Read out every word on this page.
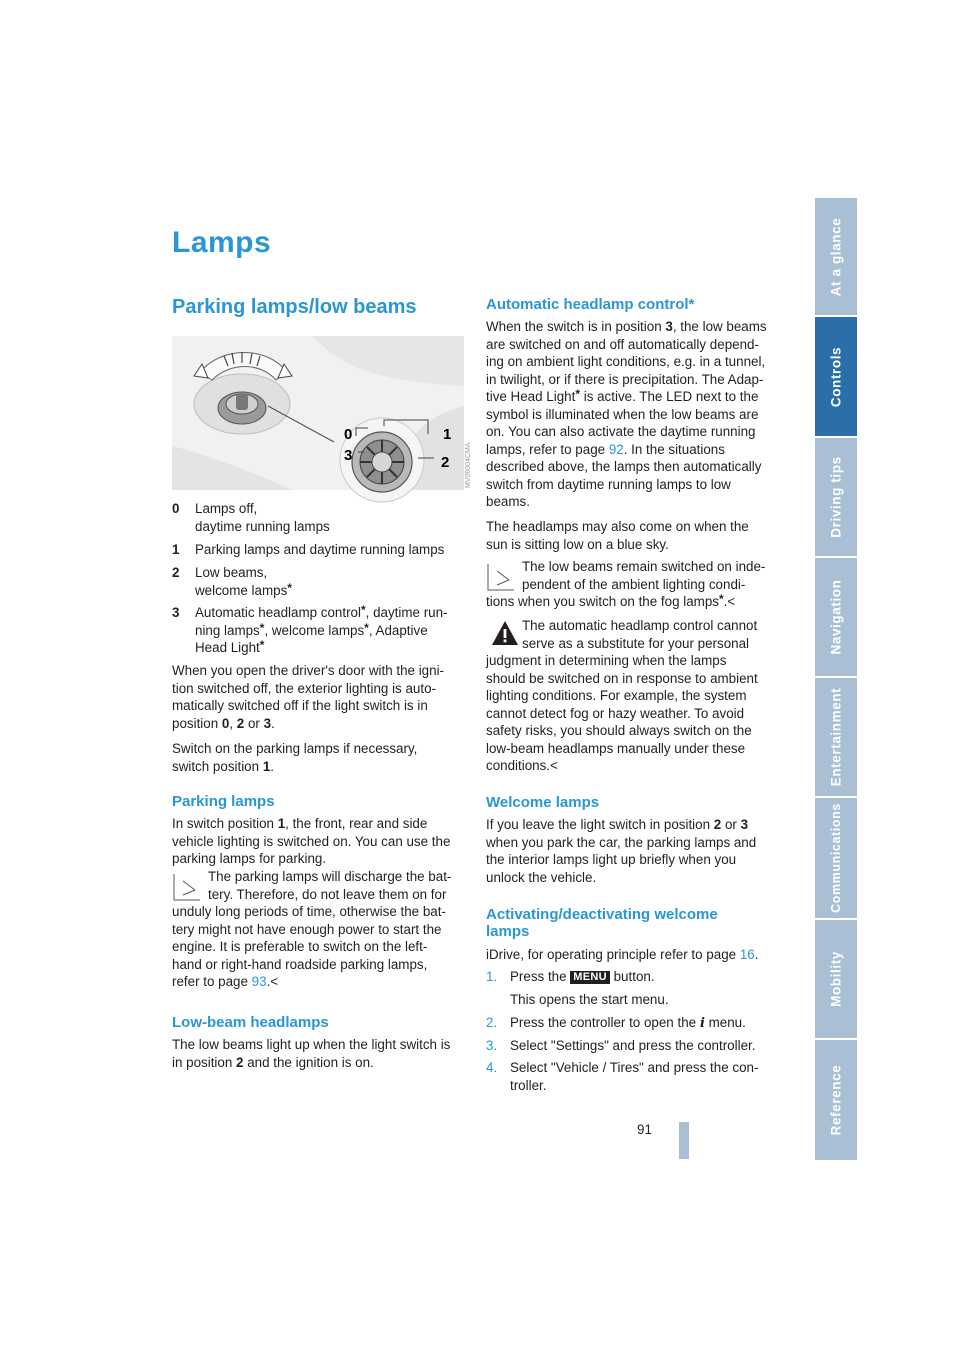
Lamps	At a glance
Controls
Driving tips
Navigation
Entertainment
Communications
Mobility
Reference
Parking lamps/low beams
0	1
3	2 MV06004CMA
0 Lamps off,
daytime running lamps
1 Parking lamps and daytime running lamps
2 Low beams,
welcome lamps*
3 Automatic headlamp control*, daytime run-
ning lamps*, welcome lamps*, Adaptive
Head Light*
When you open the driver's door with the igni-
tion switched off, the exterior lighting is auto-
matically switched off if the light switch is in
position 0, 2 or 3.
Switch on the parking lamps if necessary,
switch position 1.
Parking lamps
In switch position 1, the front, rear and side
vehicle lighting is switched on. You can use the
parking lamps for parking.
The parking lamps will discharge the bat-
tery. Therefore, do not leave them on for
unduly long periods of time, otherwise the bat-
tery might not have enough power to start the
engine. It is preferable to switch on the left-
hand or right-hand roadside parking lamps,
refer to page 93.<
Low-beam headlamps
The low beams light up when the light switch is
in position 2 and the ignition is on.
Automatic headlamp control*
When the switch is in position 3, the low beams
are switched on and off automatically depend-
ing on ambient light conditions, e.g. in a tunnel,
in twilight, or if there is precipitation. The Adap-
tive Head Light* is active. The LED next to the
symbol is illuminated when the low beams are
on. You can also activate the daytime running
lamps, refer to page 92. In the situations
described above, the lamps then automatically
switch from daytime running lamps to low
beams.
The headlamps may also come on when the
sun is sitting low on a blue sky.
The low beams remain switched on inde-
pendent of the ambient lighting condi-
tions when you switch on the fog lamps*.<
The automatic headlamp control cannot
serve as a substitute for your personal
judgment in determining when the lamps
should be switched on in response to ambient
lighting conditions. For example, the system
cannot detect fog or hazy weather. To avoid
safety risks, you should always switch on the
low-beam headlamps manually under these
conditions.<
Welcome lamps
If you leave the light switch in position 2 or 3
when you park the car, the parking lamps and
the interior lamps light up briefly when you
unlock the vehicle.
Activating/deactivating welcome
lamps
iDrive, for operating principle refer to page 16.
1. Press the MENU button.
This opens the start menu.
2. Press the controller to open the i menu.
3. Select "Settings" and press the controller.
4. Select "Vehicle / Tires" and press the con-
troller.
91
